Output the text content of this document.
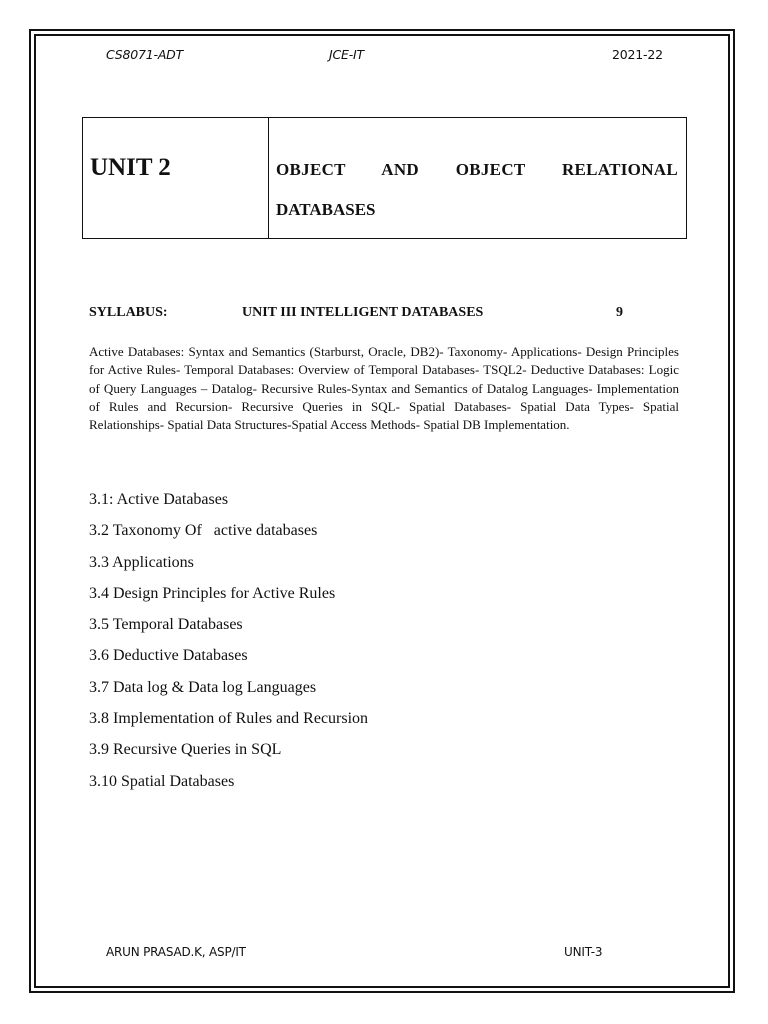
CS8071-ADT	JCE-IT	2021-22
UNIT 2	OBJECT AND OBJECT RELATIONAL
DATABASES
SYLLABUS:	UNIT III INTELLIGENT DATABASES	9
Active Databases: Syntax and Semantics (Starburst, Oracle, DB2)- Taxonomy- Applications- Design Principles for Active Rules- Temporal Databases: Overview of Temporal Databases- TSQL2- Deductive Databases: Logic of Query Languages – Datalog- Recursive Rules-Syntax and Semantics of Datalog Languages- Implementation of Rules and Recursion- Recursive Queries in SQL- Spatial Databases- Spatial Data Types- Spatial Relationships- Spatial Data Structures-Spatial Access Methods- Spatial DB Implementation.
3.1: Active Databases
3.2 Taxonomy Of   active databases
3.3 Applications
3.4 Design Principles for Active Rules
3.5 Temporal Databases
3.6 Deductive Databases
3.7 Data log & Data log Languages
3.8 Implementation of Rules and Recursion
3.9 Recursive Queries in SQL
3.10 Spatial Databases
ARUN PRASAD.K, ASP/IT	UNIT-3
